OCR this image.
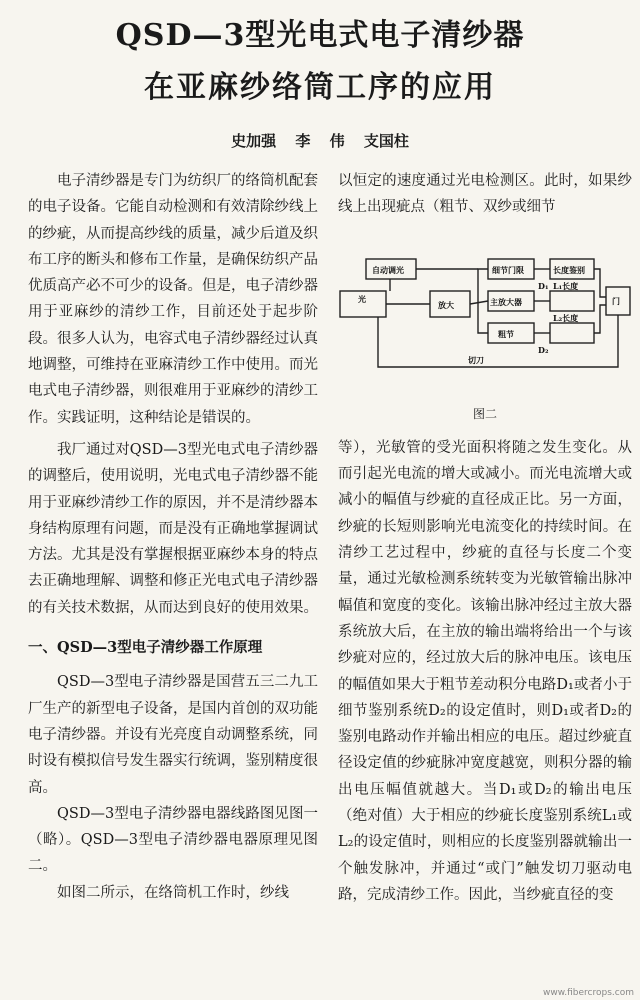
QSD—3型光电式电子清纱器
在亚麻纱络筒工序的应用
史加强 李 伟 支国柱

电子清纱器是专门为纺织厂的络筒机配套的电子设备。它能自动检测和有效清除纱线上的纱疵，从而提高纱线的质量，减少后道及织布工序的断头和修布工作量，是确保纺织产品优质高产必不可少的设备。但是，电子清纱器用于亚麻纱的清纱工作，目前还处于起步阶段。很多人认为，电容式电子清纱器经过认真地调整，可维持在亚麻清纱工作中使用。而光电式电子清纱器，则很难用于亚麻纱的清纱工作。实践证明，这种结论是错误的。

我厂通过对QSD—3型光电式电子清纱器的调整后，使用说明，光电式电子清纱器不能用于亚麻纱清纱工作的原因，并不是清纱器本身结构原理有问题，而是没有正确地掌握调试方法。尤其是没有掌握根据亚麻纱本身的特点去正确地理解、调整和修正光电式电子清纱器的有关技术数据，从而达到良好的使用效果。

一、QSD—3型电子清纱器工作原理

QSD—3型电子清纱器是国营五三二九工厂生产的新型电子设备，是国内首创的双功能电子清纱器。并设有光亮度自动调整系统，同时设有模拟信号发生器实行统调，鉴别精度很高。

QSD—3型电子清纱器电器线路图见图一（略）。QSD—3型电子清纱器电器原理见图二。

如图二所示，在络筒机工作时，纱线

以恒定的速度通过光电检测区。此时，如果纱线上出现疵点（粗节、双纱或细节

自动调光	细节门限	长度鉴别
光
放大	主放大器
粗节
门
L₁长度
L₂长度
切刀
D₁
D₂
图二

等），光敏管的受光面积将随之发生变化。从而引起光电流的增大或减小。而光电流增大或减小的幅值与纱疵的直径成正比。另一方面，纱疵的长短则影响光电流变化的持续时间。在清纱工艺过程中，纱疵的直径与长度二个变量，通过光敏检测系统转变为光敏管输出脉冲幅值和宽度的变化。该输出脉冲经过主放大器系统放大后，在主放的输出端将给出一个与该纱疵对应的，经过放大后的脉冲电压。该电压的幅值如果大于粗节差动积分电路D₁或者小于细节鉴别系统D₂的设定值时，则D₁或者D₂的鉴别电路动作并输出相应的电压。超过纱疵直径设定值的纱疵脉冲宽度越宽，则积分器的输出电压幅值就越大。当D₁或D₂的输出电压（绝对值）大于相应的纱疵长度鉴别系统L₁或L₂的设定值时，则相应的长度鉴别器就输出一个触发脉冲，并通过“或门”触发切刀驱动电路，完成清纱工作。因此，当纱疵直径的变

www.fibercrops.com
